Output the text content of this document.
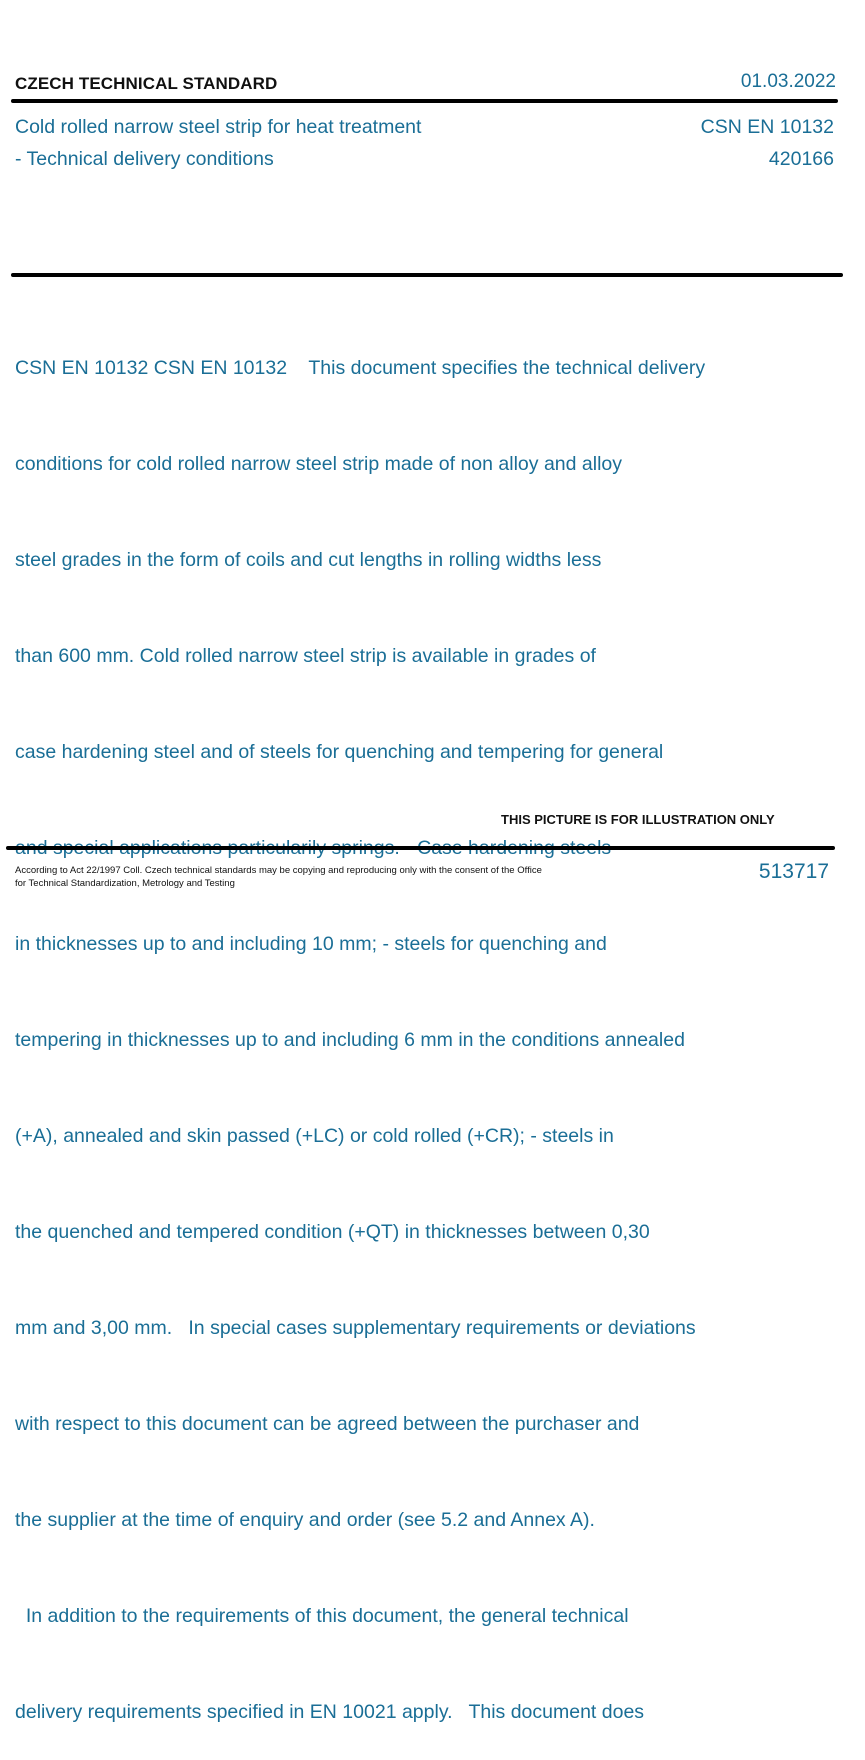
CZECH TECHNICAL STANDARD	01.03.2022
Cold rolled narrow steel strip for heat treatment
- Technical delivery conditions
CSN EN 10132
420166

CSN EN 10132 CSN EN 10132    This document specifies the technical delivery

conditions for cold rolled narrow steel strip made of non alloy and alloy

steel grades in the form of coils and cut lengths in rolling widths less

than 600 mm. Cold rolled narrow steel strip is available in grades of

case hardening steel and of steels for quenching and tempering for general

in thicknesses up to and including 10 mm; - steels for quenching and

tempering in thicknesses up to and including 6 mm in the conditions annealed

(+A), annealed and skin passed (+LC) or cold rolled (+CR); - steels in

the quenched and tempered condition (+QT) in thicknesses between 0,30

mm and 3,00 mm.   In special cases supplementary requirements or deviations

with respect to this document can be agreed between the purchaser and

the supplier at the time of enquiry and order (see 5.2 and Annex A).

In addition to the requirements of this document, the general technical

delivery requirements specified in EN 10021 apply.   This document does

THIS PICTURE IS FOR ILLUSTRATION ONLY
According to Act 22/1997 Coll. Czech technical standards may be copying and reproducing only with the consent of the Office
for Technical Standardization, Metrology and Testing
513717
